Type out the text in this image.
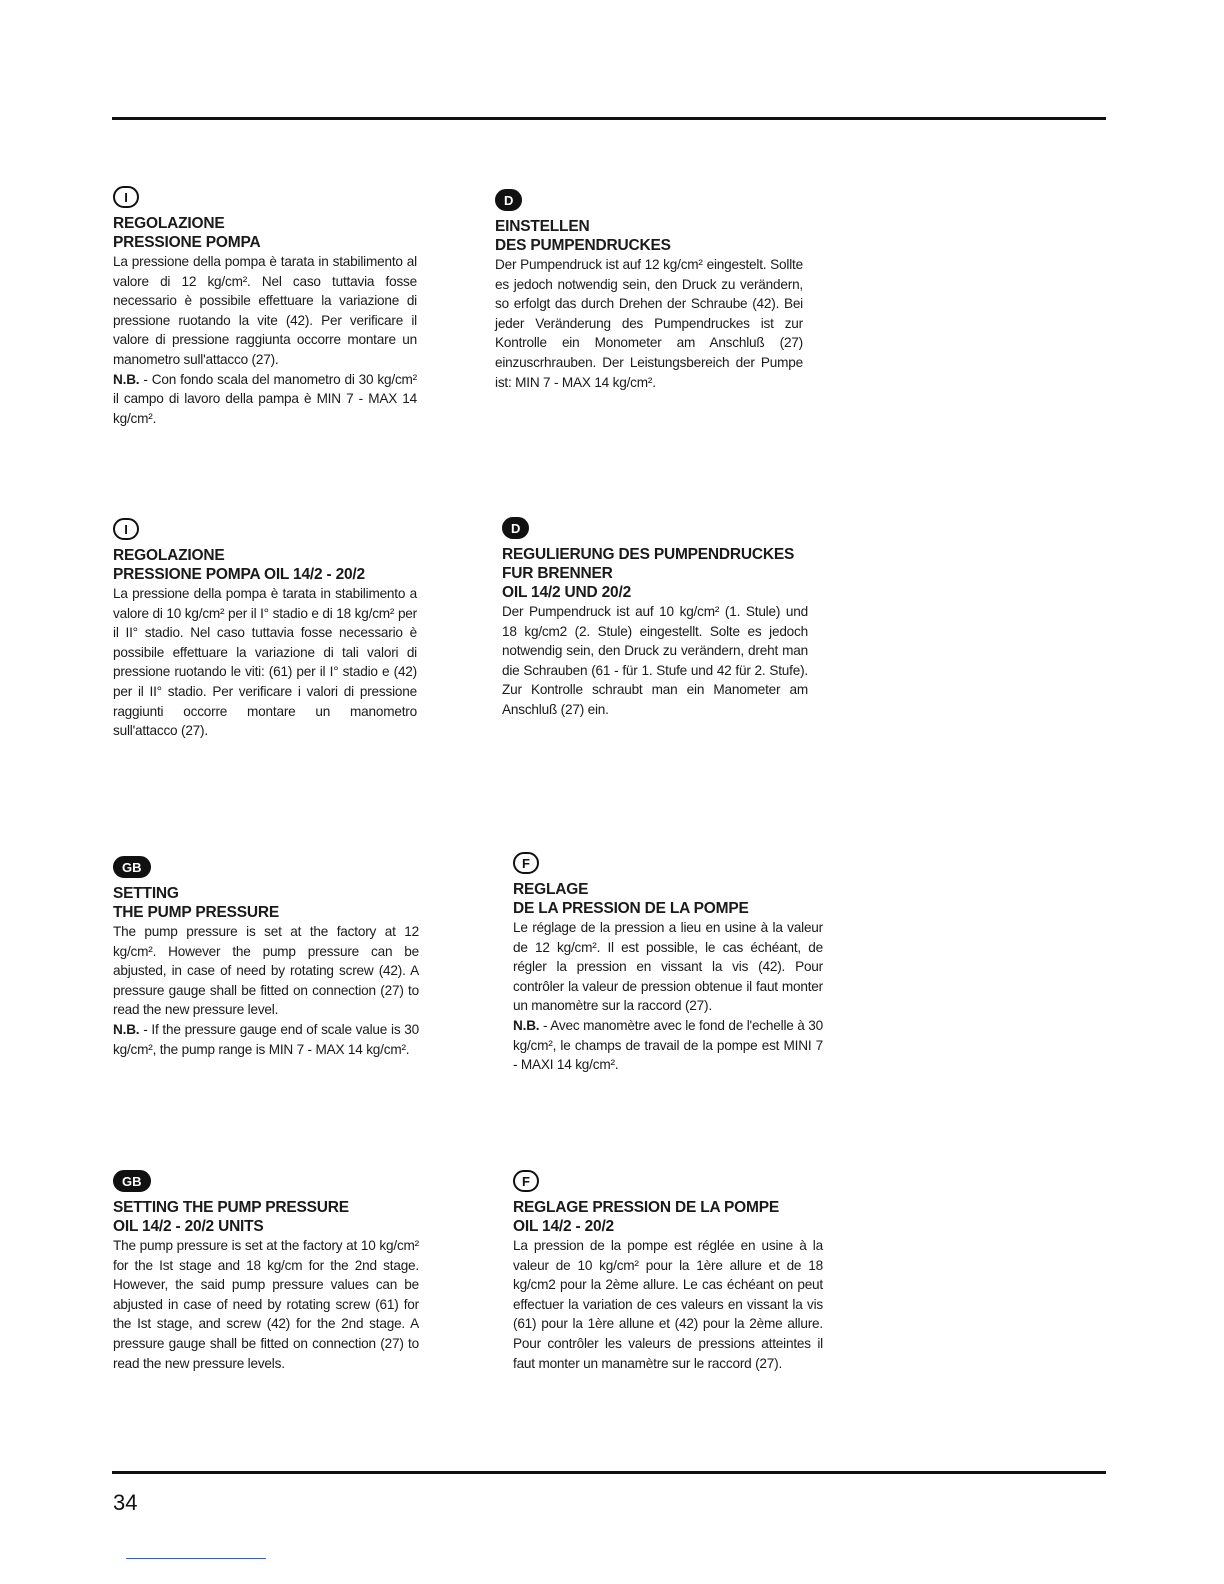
I
REGOLAZIONE
PRESSIONE POMPA

La pressione della pompa è tarata in stabilimento al valore di 12 kg/cm². Nel caso tuttavia fosse necessario è possibile effettuare la variazione di pressione ruotando la vite (42). Per verificare il valore di pressione raggiunta occorre montare un manometro sull'attacco (27).
N.B. - Con fondo scala del manometro di 30 kg/cm² il campo di lavoro della pampa è MIN 7 - MAX 14 kg/cm².

D
EINSTELLEN
DES PUMPENDRUCKES

Der Pumpendruck ist auf 12 kg/cm² eingestelt. Sollte es jedoch notwendig sein, den Druck zu verändern, so erfolgt das durch Drehen der Schraube (42). Bei jeder Veränderung des Pumpendruckes ist zur Kontrolle ein Monometer am Anschluß (27) einzuscrhrauben. Der Leistungsbereich der Pumpe ist: MIN 7 - MAX 14 kg/cm².

I
REGOLAZIONE
PRESSIONE POMPA OIL 14/2 - 20/2

La pressione della pompa è tarata in stabilimento a valore di 10 kg/cm² per il I° stadio e di 18 kg/cm² per il II° stadio. Nel caso tuttavia fosse necessario è possibile effettuare la variazione di tali valori di pressione ruotando le viti: (61) per il I° stadio e (42) per il II° stadio. Per verificare i valori di pressione raggiunti occorre montare un manometro sull'attacco (27).

D
REGULIERUNG DES PUMPENDRUCKES
FUR BRENNER
OIL 14/2 UND 20/2

Der Pumpendruck ist auf 10 kg/cm² (1. Stule) und 18 kg/cm2 (2. Stule) eingestellt. Solte es jedoch notwendig sein, den Druck zu verändern, dreht man die Schrauben (61 - für 1. Stufe und 42 für 2. Stufe). Zur Kontrolle schraubt man ein Manometer am Anschluß (27) ein.

GB
SETTING
THE PUMP PRESSURE

The pump pressure is set at the factory at 12 kg/cm². However the pump pressure can be abjusted, in case of need by rotating screw (42). A pressure gauge shall be fitted on connection (27) to read the new pressure level.
N.B. - If the pressure gauge end of scale value is 30 kg/cm², the pump range is MIN 7 - MAX 14 kg/cm².

F
REGLAGE
DE LA PRESSION DE LA POMPE

Le réglage de la pression a lieu en usine à la valeur de 12 kg/cm². Il est possible, le cas échéant, de régler la pression en vissant la vis (42). Pour contrôler la valeur de pression obtenue il faut monter un manomètre sur la raccord (27).
N.B. - Avec manomètre avec le fond de l'echelle à 30 kg/cm², le champs de travail de la pompe est MINI 7 - MAXI 14 kg/cm².

GB
SETTING THE PUMP PRESSURE
OIL 14/2 - 20/2 UNITS

The pump pressure is set at the factory at 10 kg/cm² for the Ist stage and 18 kg/cm for the 2nd stage. However, the said pump pressure values can be abjusted in case of need by rotating screw (61) for the Ist stage, and screw (42) for the 2nd stage. A pressure gauge shall be fitted on connection (27) to read the new pressure levels.

F
REGLAGE PRESSION DE LA POMPE
OIL 14/2 - 20/2

La pression de la pompe est réglée en usine à la valeur de 10 kg/cm² pour la 1ère allure et de 18 kg/cm2 pour la 2ème allure. Le cas échéant on peut effectuer la variation de ces valeurs en vissant la vis (61) pour la 1ère allune et (42) pour la 2ème allure. Pour contrôler les valeurs de pressions atteintes il faut monter un manamètre sur le raccord (27).

34
